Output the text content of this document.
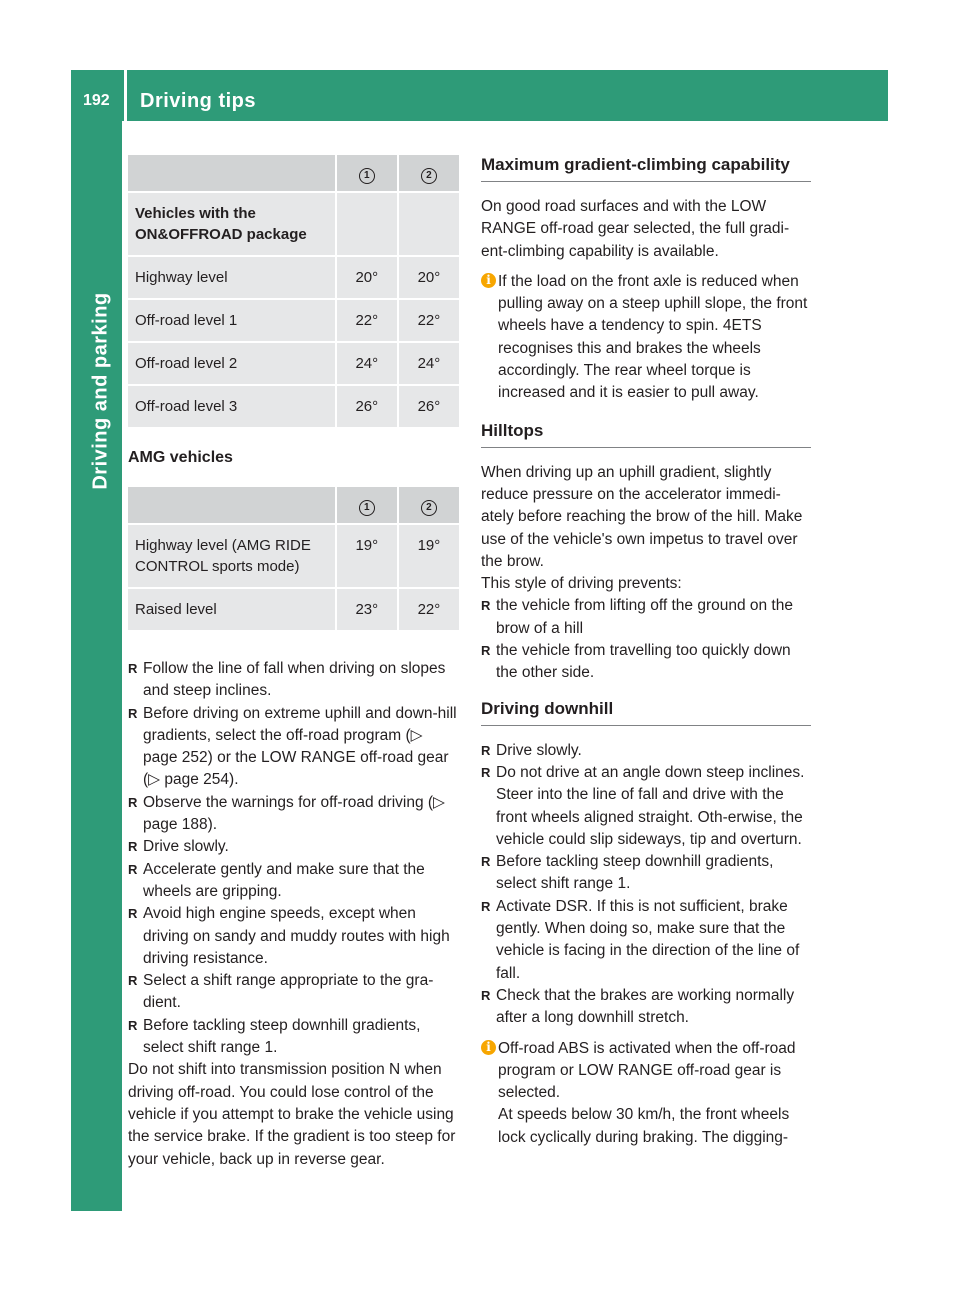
192 Driving tips
Driving and parking
	1	2
Vehicles with the ON&OFFROAD package		
Highway level	20°	20°
Off-road level 1	22°	22°
Off-road level 2	24°	24°
Off-road level 3	26°	26°
AMG vehicles
	1	2
Highway level (AMG RIDE CONTROL sports mode)	19°	19°
Raised level	23°	22°
R Follow the line of fall when driving on slopes and steep inclines.
R Before driving on extreme uphill and down-hill gradients, select the off-road program (▷ page 252) or the LOW RANGE off-road gear (▷ page 254).
R Observe the warnings for off-road driving (▷ page 188).
R Drive slowly.
R Accelerate gently and make sure that the wheels are gripping.
R Avoid high engine speeds, except when driving on sandy and muddy routes with high driving resistance.
R Select a shift range appropriate to the gra-dient.
R Before tackling steep downhill gradients, select shift range 1.

Do not shift into transmission position N when driving off-road. You could lose control of the vehicle if you attempt to brake the vehicle using the service brake. If the gradient is too steep for your vehicle, back up in reverse gear.

Maximum gradient-climbing capability

On good road surfaces and with the LOW RANGE off-road gear selected, the full gradi-ent-climbing capability is available.

i If the load on the front axle is reduced when pulling away on a steep uphill slope, the front wheels have a tendency to spin. 4ETS recognises this and brakes the wheels accordingly. The rear wheel torque is increased and it is easier to pull away.

Hilltops

When driving up an uphill gradient, slightly reduce pressure on the accelerator immedi-ately before reaching the brow of the hill. Make use of the vehicle's own impetus to travel over the brow.

This style of driving prevents:

R the vehicle from lifting off the ground on the brow of a hill
R the vehicle from travelling too quickly down the other side.
Driving downhill
R Drive slowly.
R Do not drive at an angle down steep inclines. Steer into the line of fall and drive with the front wheels aligned straight. Oth-erwise, the vehicle could slip sideways, tip and overturn.
R Before tackling steep downhill gradients, select shift range 1.
R Activate DSR. If this is not sufficient, brake gently. When doing so, make sure that the vehicle is facing in the direction of the line of fall.
R Check that the brakes are working normally after a long downhill stretch.
i Off-road ABS is activated when the off-road program or LOW RANGE off-road gear is selected.

At speeds below 30 km/h, the front wheels lock cyclically during braking. The digging-
